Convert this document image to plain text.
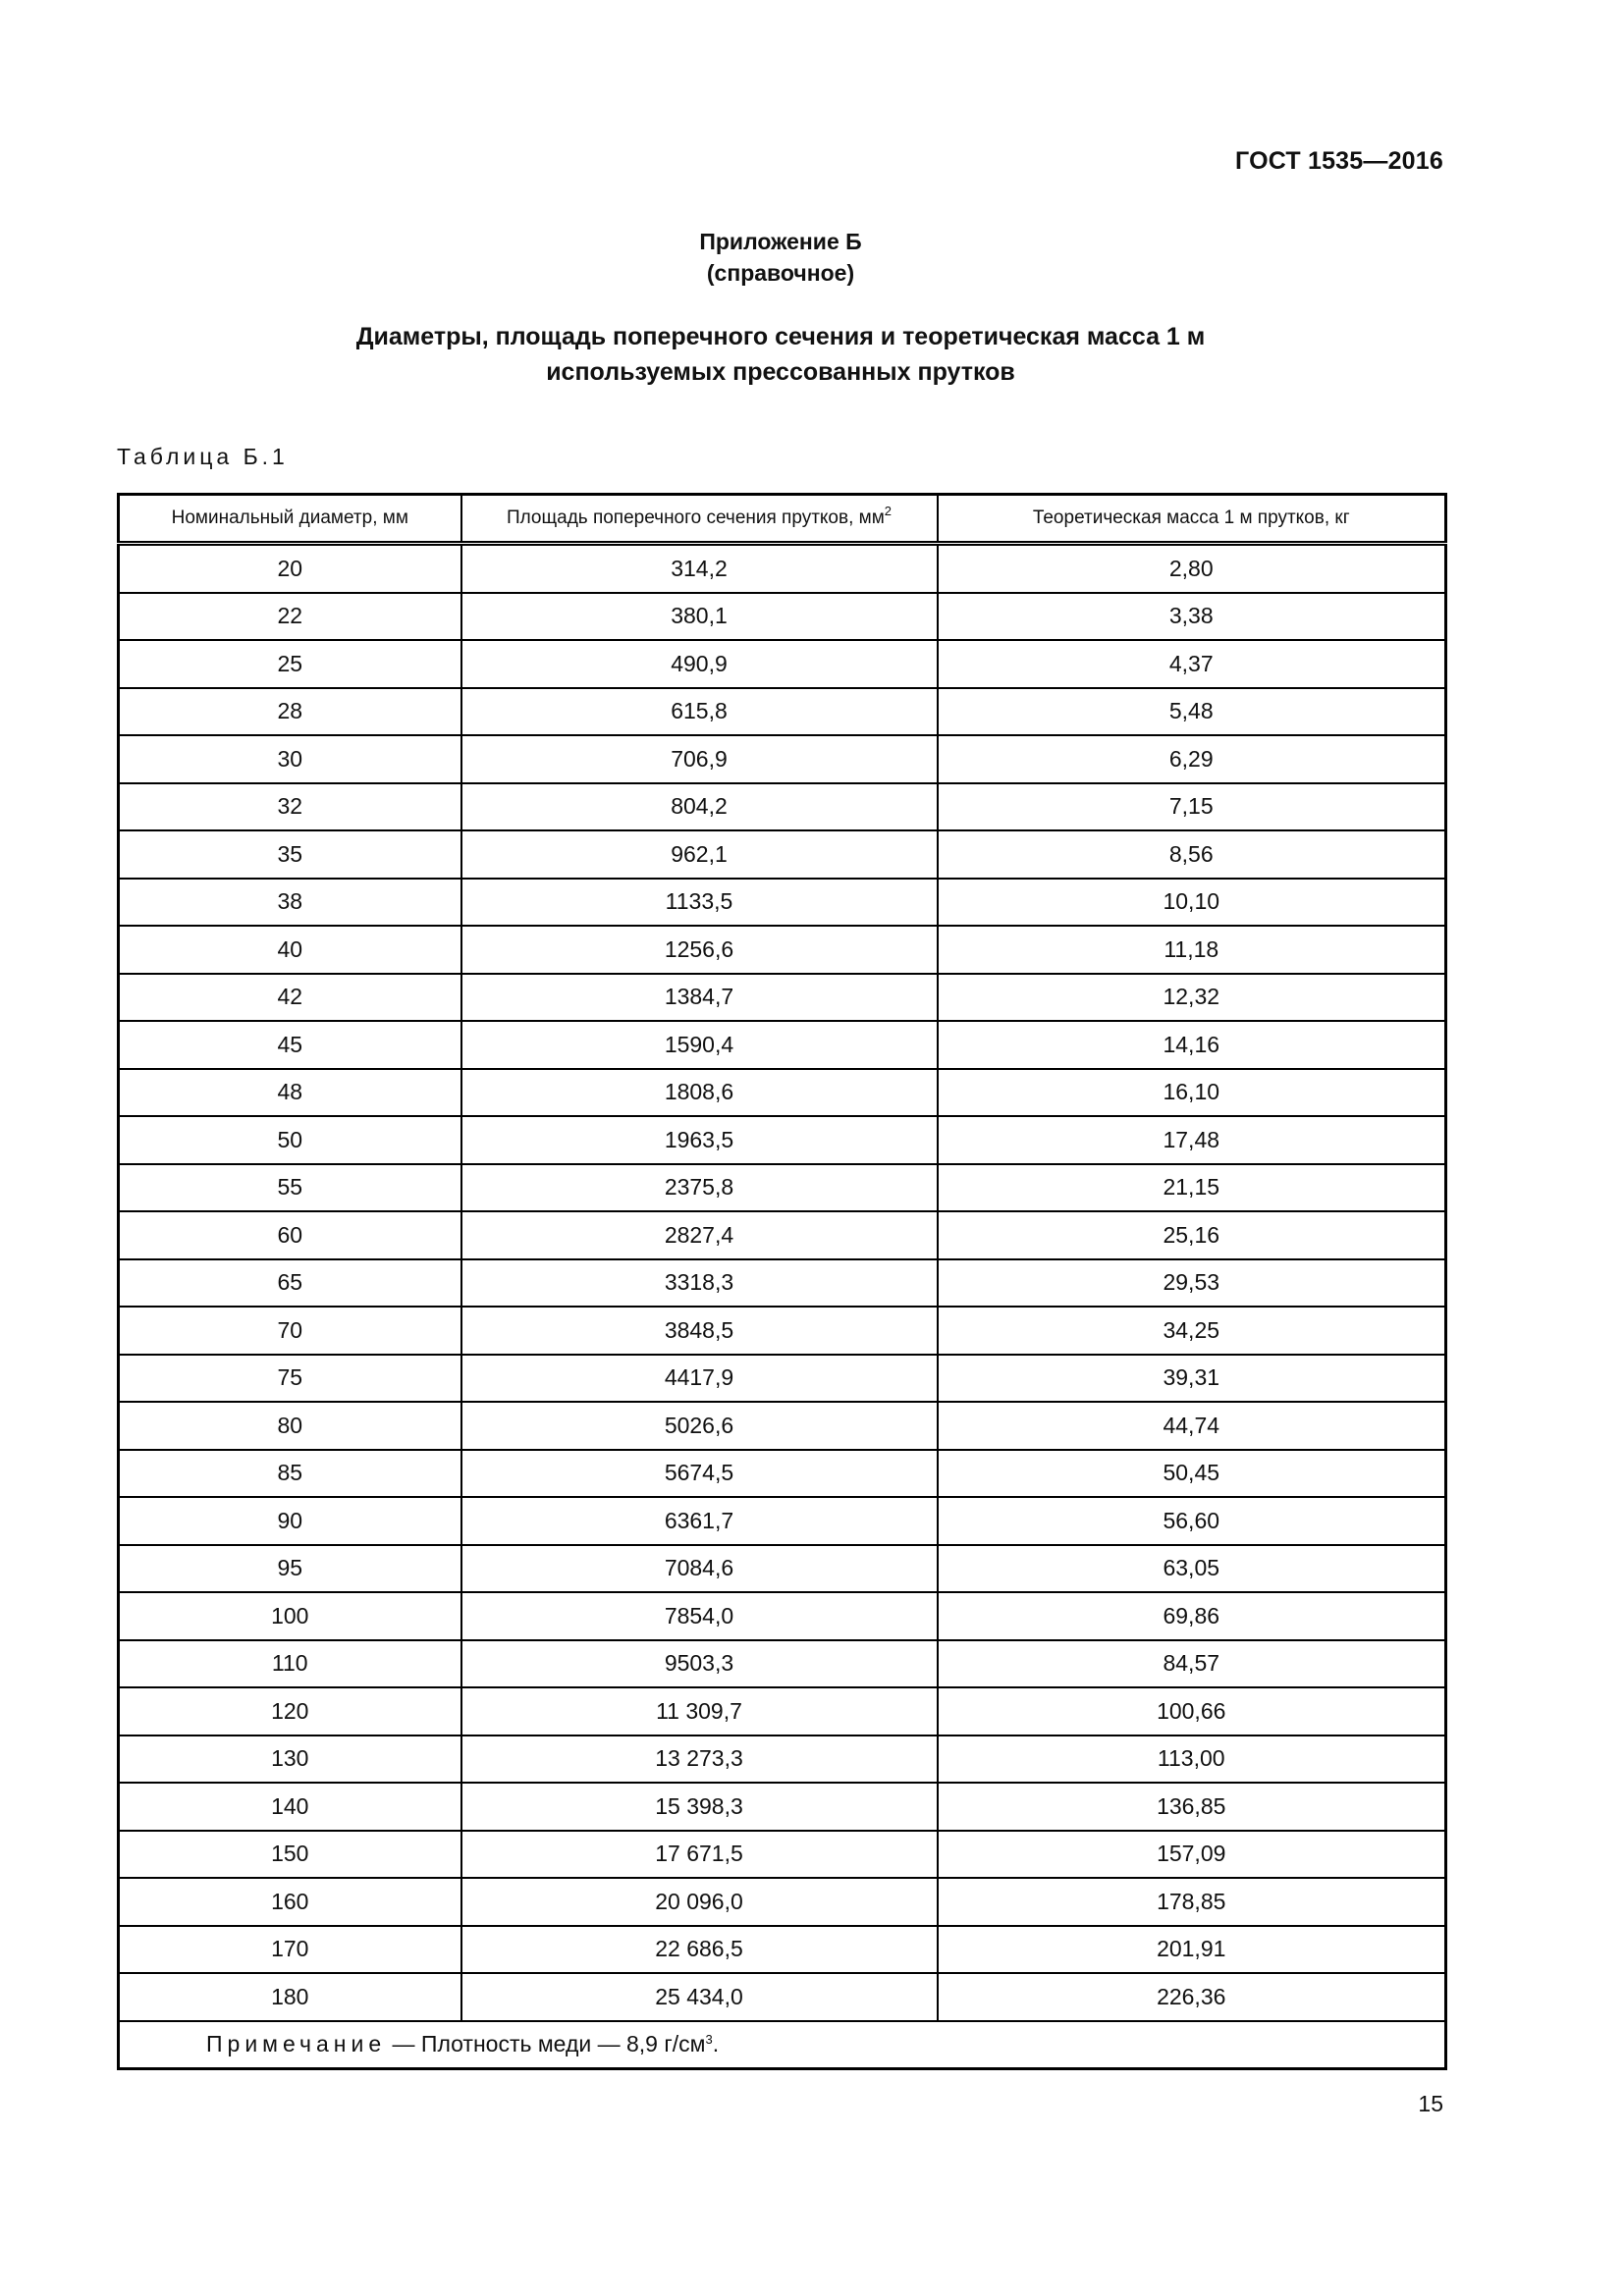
ГОСТ 1535—2016
Приложение Б
(справочное)
Диаметры, площадь поперечного сечения и теоретическая масса 1 м
используемых прессованных прутков
Таблица Б.1
Номинальный диаметр, мм	Площадь поперечного сечения прутков, $мм^2$	Теоретическая масса 1 м прутков, кг
20	314,2	2,80
22	380,1	3,38
25	490,9	4,37
28	615,8	5,48
30	706,9	6,29
32	804,2	7,15
35	962,1	8,56
38	1133,5	10,10
40	1256,6	11,18
42	1384,7	12,32
45	1590,4	14,16
48	1808,6	16,10
50	1963,5	17,48
55	2375,8	21,15
60	2827,4	25,16
65	3318,3	29,53
70	3848,5	34,25
75	4417,9	39,31
80	5026,6	44,74
85	5674,5	50,45
90	6361,7	56,60
95	7084,6	63,05
100	7854,0	69,86
110	9503,3	84,57
120	11 309,7	100,66
130	13 273,3	113,00
140	15 398,3	136,85
150	17 671,5	157,09
160	20 096,0	178,85
170	22 686,5	201,91
180	25 434,0	226,36
Примечание — Плотность меди — 8,9 $г/см^3$.		
15
